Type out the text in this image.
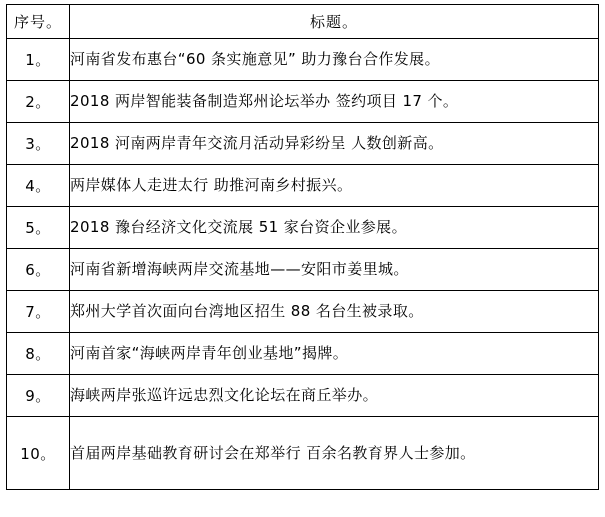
序号。	标题。
1。	河南省发布惠台“60 条实施意见” 助力豫台合作发展。
2。	2018 两岸智能装备制造郑州论坛举办 签约项目 17 个。
3。	2018 河南两岸青年交流月活动异彩纷呈 人数创新高。
4。	两岸媒体人走进太行 助推河南乡村振兴。
5。	2018 豫台经济文化交流展 51 家台资企业参展。
6。	河南省新增海峡两岸交流基地——安阳市姜里城。
7。	郑州大学首次面向台湾地区招生 88 名台生被录取。
8。	河南首家“海峡两岸青年创业基地”揭牌。
9。	海峡两岸张巡许远忠烈文化论坛在商丘举办。
10。	首届两岸基础教育研讨会在郑举行 百余名教育界人士参加。
